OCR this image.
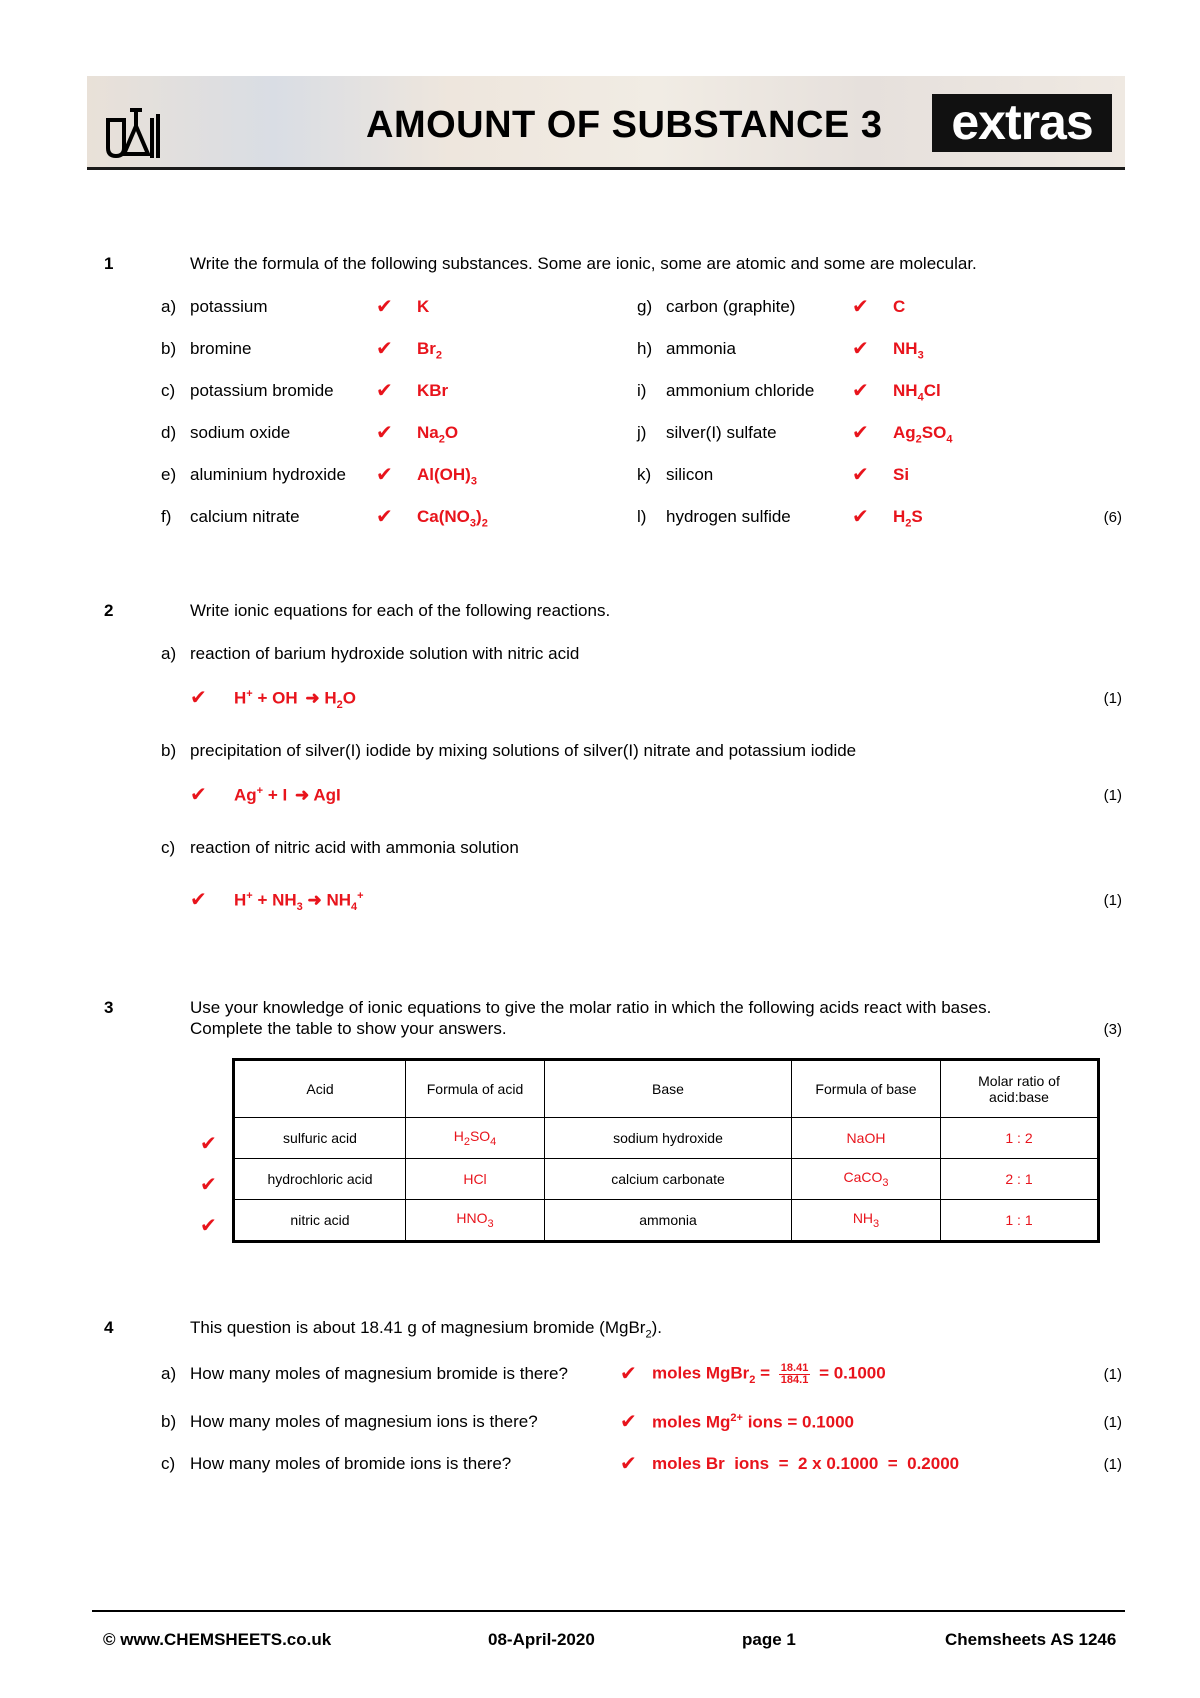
AMOUNT OF SUBSTANCE 3	extras
1	Write the formula of the following substances. Some are ionic, some are atomic and some are molecular.
a) potassium	✔ K
b) bromine	✔ $Br_2$
c) potassium bromide ✔ KBr
d) sodium oxide	✔ $Na_2O$
e) aluminium hydroxide ✔ $Al(OH)_3$
f) calcium nitrate	✔ $Ca(NO_3)_2$
g) carbon (graphite)	✔ C
h) ammonia	✔ $NH_3$
i) ammonium chloride ✔ $NH_4Cl$
j) silver(I) sulfate	✔ $Ag_2SO_4$
k) silicon	✔ Si
l) hydrogen sulfide	✔ $H_2S$	(6)
2	Write ionic equations for each of the following reactions.
a) reaction of barium hydroxide solution with nitric acid
✔ H+ + OH  ➜ $H_2O$	(1)
b) precipitation of silver(I) iodide by mixing solutions of silver(I) nitrate and potassium iodide
✔ Ag+ + I  ➜ AgI	(1)
c) reaction of nitric acid with ammonia solution
✔ $H^+ + NH_3$ ➜ $NH_4^+$	(1)
3	Use your knowledge of ionic equations to give the molar ratio in which the following acids react with bases.
Complete the table to show your answers.	(3)
✔
✔
✔
Acid	Formula of acid	Base	Formula of base	Molar ratio of
acid:base
sulfuric acid	$H_2SO_4$	sodium hydroxide	NaOH	1 : 2
hydrochloric acid	HCl	calcium carbonate	CaCO$_3$	2 : 1
nitric acid	$HNO_3$	ammonia	$NH_3$	1 : 1
4	This question is about 18.41 g of magnesium bromide (MgBr$_2$).
a) How many moles of magnesium bromide is there?	✔ moles MgBr$_2$ = $\frac{18.41}{184.1} = 0.1000$	(1)
b) How many moles of magnesium ions is there?	✔ moles $Mg^{2+}$ ions = 0.1000	(1)
c) How many moles of bromide ions is there?	✔ moles Br  ions  =  2 x 0.1000  =  0.2000	(1)
© www.CHEMSHEETS.co.uk	08-April-2020	page 1	Chemsheets AS 1246
